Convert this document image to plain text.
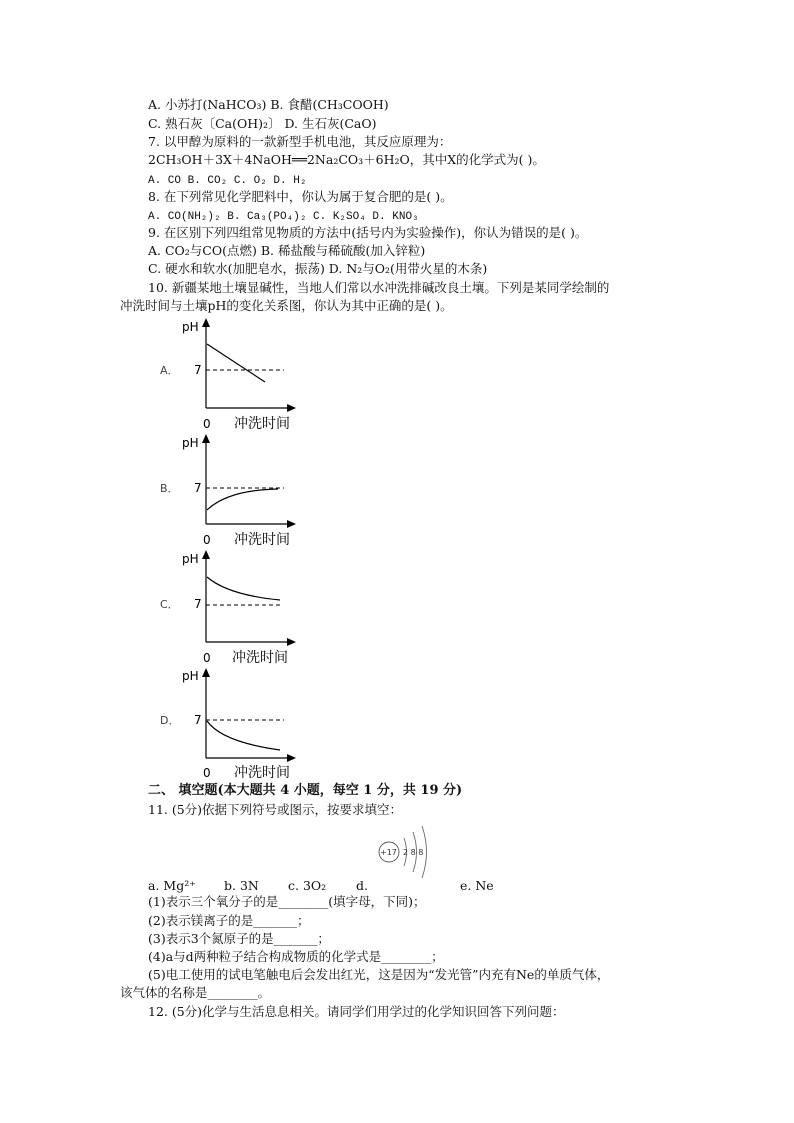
A. 小苏打(NaHCO₃) B. 食醋(CH₃COOH)
C. 熟石灰〔Ca(OH)₂〕 D. 生石灰(CaO)
7. 以甲醇为原料的一款新型手机电池，其反应原理为：
2CH₃OH＋3X＋4NaOH══2Na₂CO₃＋6H₂O，其中X的化学式为( )。
A. CO B. CO₂ C. O₂ D. H₂
8. 在下列常见化学肥料中，你认为属于复合肥的是( )。
A. CO(NH₂)₂ B. Ca₃(PO₄)₂ C. K₂SO₄ D. KNO₃
9. 在区别下列四组常见物质的方法中(括号内为实验操作)，你认为错误的是( )。
A. CO₂与CO(点燃) B. 稀盐酸与稀硫酸(加入锌粒)
C. 硬水和软水(加肥皂水，振荡) D. N₂与O₂(用带火星的木条)
10. 新疆某地土壤显碱性，当地人们常以水冲洗排碱改良土壤。下列是某同学绘制的
冲洗时间与土壤pH的变化关系图，你认为其中正确的是( )。
pH
A． 7
0 冲洗时间
pH
B． 7
0 冲洗时间
pH
C． 7
0 冲洗时间
pH
D． 7
0 冲洗时间
二、 填空题(本大题共 4 小题，每空 1 分，共 19 分)
11. (5分)依据下列符号或图示，按要求填空：
+17 2 8 8
a. Mg²⁺ b. 3N c. 3O₂ d.	e. Ne
(1)表示三个氧分子的是________(填字母，下同)；
(2)表示镁离子的是_______；
(3)表示3个氮原子的是_______；
(4)a与d两种粒子结合构成物质的化学式是________；
(5)电工使用的试电笔触电后会发出红光，这是因为“发光管”内充有Ne的单质气体，
该气体的名称是________。
12. (5分)化学与生活息息相关。请同学们用学过的化学知识回答下列问题：
